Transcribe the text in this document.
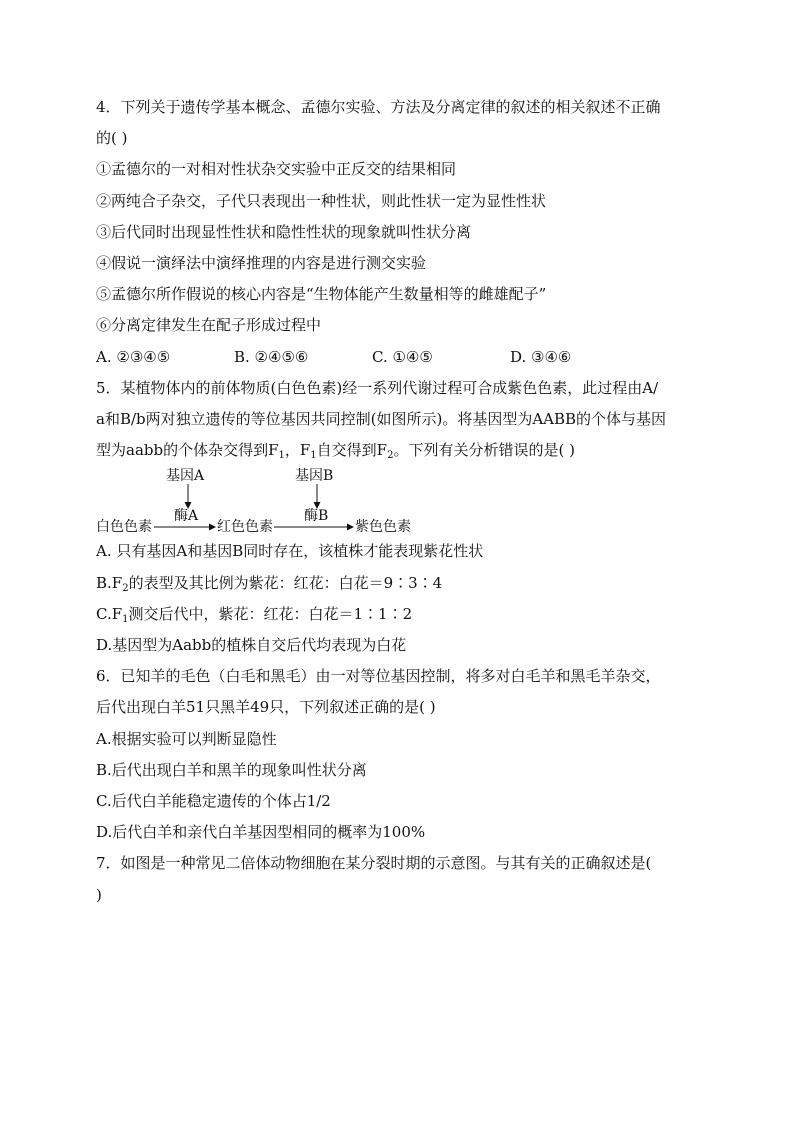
4．下列关于遗传学基本概念、孟德尔实验、方法及分离定律的叙述的相关叙述不正确
的( )
①孟德尔的一对相对性状杂交实验中正反交的结果相同
②两纯合子杂交，子代只表现出一种性状，则此性状一定为显性性状
③后代同时出现显性性状和隐性性状的现象就叫性状分离
④假说一演绎法中演绎推理的内容是进行测交实验
⑤孟德尔所作假说的核心内容是“生物体能产生数量相等的雌雄配子”
⑥分离定律发生在配子形成过程中
A. ②③④⑤	B. ②④⑤⑥	C. ①④⑤	D. ③④⑥
5．某植物体内的前体物质(白色色素)经一系列代谢过程可合成紫色色素，此过程由A/
a和B/b两对独立遗传的等位基因共同控制(如图所示)。将基因型为AABB的个体与基因
型为aabb的个体杂交得到$F_1$，$F_1$自交得到$F_2$。下列有关分析错误的是( )
基因A	基因B
酶A	酶B
白色色素	红色色素	紫色色素
A. 只有基因A和基因B同时存在，该植株才能表现紫花性状
$B.F_2$的表型及其比例为紫花：红花：白花＝9∶3∶4
$C.F_1$测交后代中，紫花：红花：白花＝1∶1∶2
D.基因型为Aabb的植株自交后代均表现为白花
6．已知羊的毛色（白毛和黑毛）由一对等位基因控制，将多对白毛羊和黑毛羊杂交，
后代出现白羊51只黑羊49只，下列叙述正确的是( )
A.根据实验可以判断显隐性
B.后代出现白羊和黑羊的现象叫性状分离
C.后代白羊能稳定遗传的个体占1/2
D.后代白羊和亲代白羊基因型相同的概率为100%
7．如图是一种常见二倍体动物细胞在某分裂时期的示意图。与其有关的正确叙述是(
)
